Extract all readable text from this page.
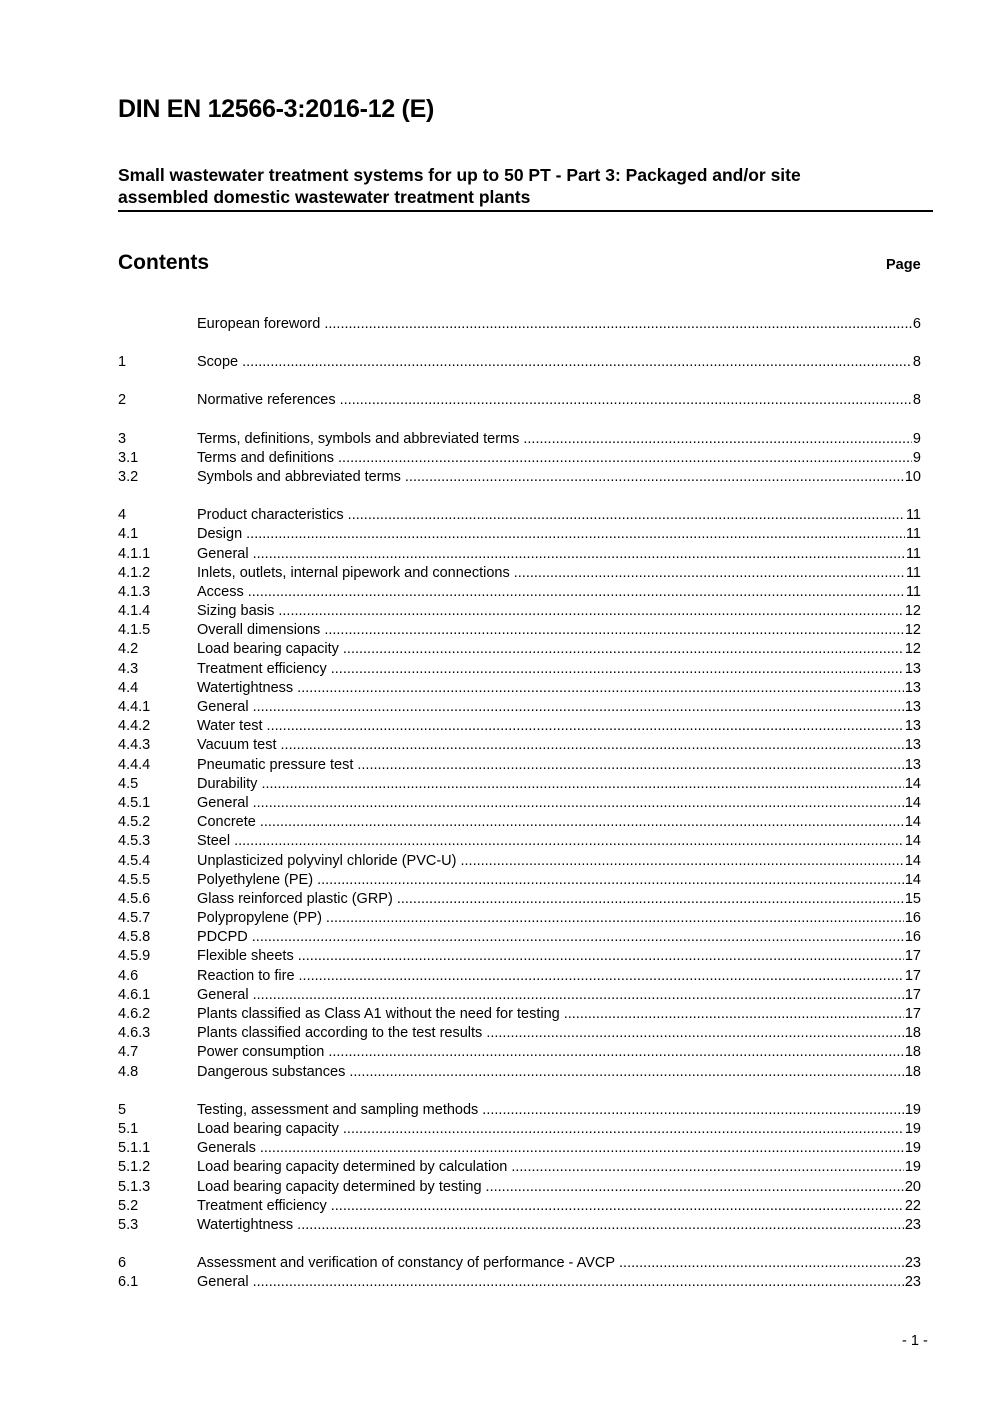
DIN EN 12566-3:2016-12 (E)
Small wastewater treatment systems for up to 50 PT - Part 3: Packaged and/or site
assembled domestic wastewater treatment plants
Contents	Page
European foreword .....	6
1	Scope .....	8
2	Normative references .....	8
3	Terms, definitions, symbols and abbreviated terms .....	9
3.1	Terms and definitions .....	9
3.2	Symbols and abbreviated terms .....	10
4	Product characteristics .....	11
4.1	Design .....	11
4.1.1	General .....	11
4.1.2	Inlets, outlets, internal pipework and connections .....	11
4.1.3	Access .....	11
4.1.4	Sizing basis .....	12
4.1.5	Overall dimensions .....	12
4.2	Load bearing capacity .....	12
4.3	Treatment efficiency .....	13
4.4	Watertightness .....	13
4.4.1	General .....	13
4.4.2	Water test .....	13
4.4.3	Vacuum test .....	13
4.4.4	Pneumatic pressure test .....	13
4.5	Durability .....	14
4.5.1	General .....	14
4.5.2	Concrete .....	14
4.5.3	Steel .....	14
4.5.4	Unplasticized polyvinyl chloride (PVC-U) .....	14
4.5.5	Polyethylene (PE) .....	14
4.5.6	Glass reinforced plastic (GRP) .....	15
4.5.7	Polypropylene (PP) .....	16
4.5.8	PDCPD .....	16
4.5.9	Flexible sheets .....	17
4.6	Reaction to fire .....	17
4.6.1	General .....	17
4.6.2	Plants classified as Class A1 without the need for testing .....	17
4.6.3	Plants classified according to the test results .....	18
4.7	Power consumption .....	18
4.8	Dangerous substances .....	18
5	Testing, assessment and sampling methods .....	19
5.1	Load bearing capacity .....	19
5.1.1	Generals .....	19
5.1.2	Load bearing capacity determined by calculation .....	19
5.1.3	Load bearing capacity determined by testing .....	20
5.2	Treatment efficiency .....	22
5.3	Watertightness .....	23
6	Assessment and verification of constancy of performance - AVCP .....	23
6.1	General .....	23
- 1 -
